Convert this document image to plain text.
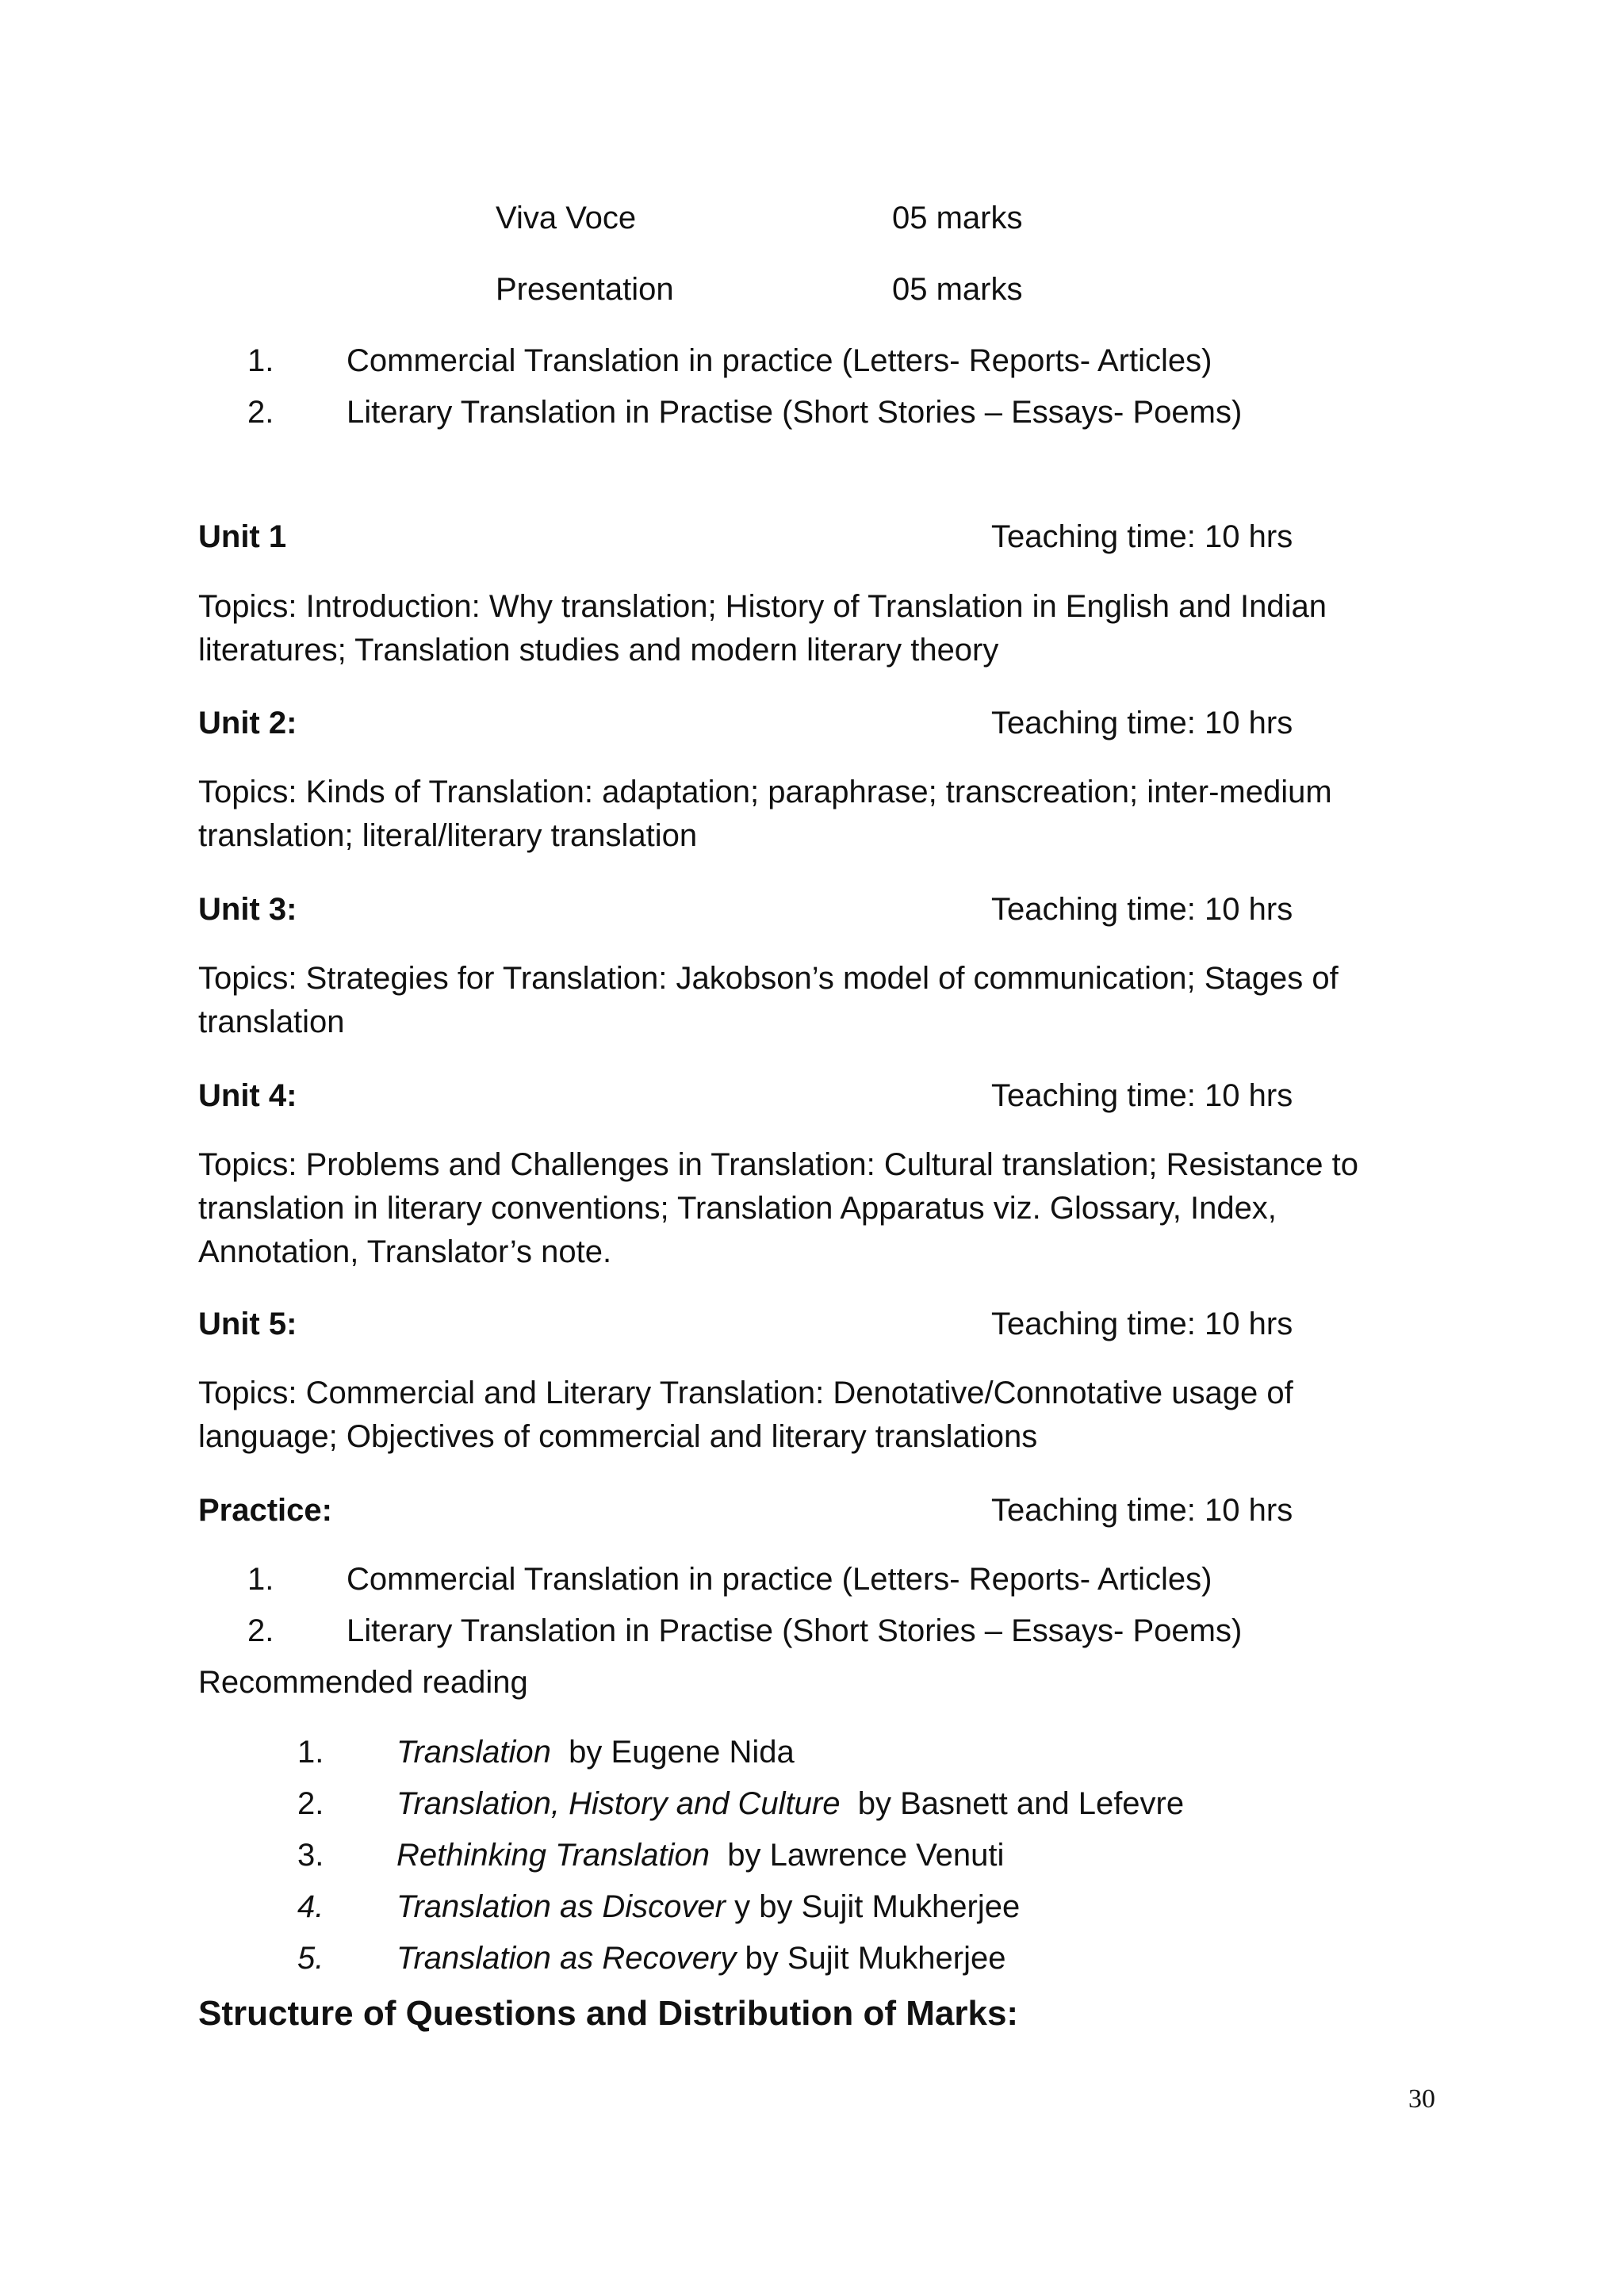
Viva Voce	05 marks
Presentation	05 marks
1. Commercial Translation in practice (Letters- Reports- Articles)
2. Literary Translation in Practise (Short Stories – Essays- Poems)
Unit 1	Teaching time: 10 hrs
Topics: Introduction: Why translation; History of Translation in English and Indian literatures; Translation studies and modern literary theory
Unit 2:	Teaching time: 10 hrs
Topics: Kinds of Translation: adaptation; paraphrase; transcreation; inter-medium translation; literal/literary translation
Unit 3:	Teaching time: 10 hrs
Topics: Strategies for Translation: Jakobson’s model of communication; Stages of translation
Unit 4:	Teaching time: 10 hrs
Topics: Problems and Challenges in Translation: Cultural translation; Resistance to translation in literary conventions; Translation Apparatus viz. Glossary, Index, Annotation, Translator’s note.
Unit 5:	Teaching time: 10 hrs
Topics: Commercial and Literary Translation: Denotative/Connotative usage of language; Objectives of commercial and literary translations
Practice:	Teaching time: 10 hrs
1. Commercial Translation in practice (Letters- Reports- Articles)
2. Literary Translation in Practise (Short Stories – Essays- Poems)
Recommended reading
1. Translation by Eugene Nida
2. Translation, History and Culture by Basnett and Lefevre
3. Rethinking Translation by Lawrence Venuti
4. Translation as Discover y by Sujit Mukherjee
5. Translation as Recovery by Sujit Mukherjee
Structure of Questions and Distribution of Marks:
30
